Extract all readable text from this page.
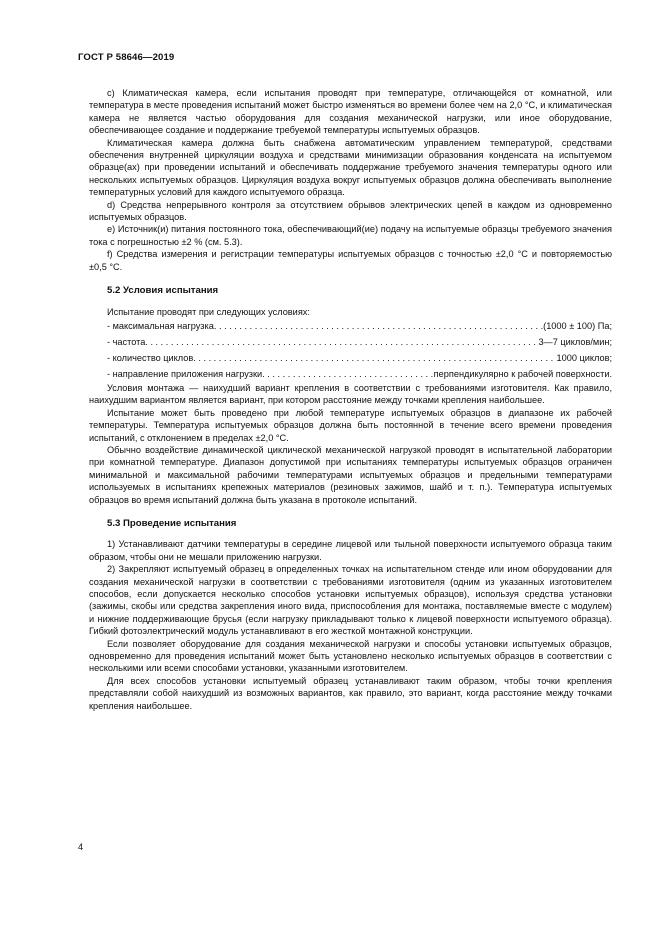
ГОСТ Р 58646—2019

c) Климатическая камера, если испытания проводят при температуре, отличающейся от комнатной, или температура в месте проведения испытаний может быстро изменяться во времени более чем на 2,0 °С, и климатическая камера не является частью оборудования для создания механической нагрузки, или иное оборудование, обеспечивающее создание и поддержание требуемой температуры испытуемых образцов.

Климатическая камера должна быть снабжена автоматическим управлением температурой, средствами обеспечения внутренней циркуляции воздуха и средствами минимизации образования конденсата на испытуемом образце(ах) при проведении испытаний и обеспечивать поддержание требуемого значения температуры одного или нескольких испытуемых образцов. Циркуляция воздуха вокруг испытуемых образцов должна обеспечивать выполнение температурных условий для каждого испытуемого образца.

d) Средства непрерывного контроля за отсутствием обрывов электрических цепей в каждом из одновременно испытуемых образцов.

e) Источник(и) питания постоянного тока, обеспечивающий(ие) подачу на испытуемые образцы требуемого значения тока с погрешностью ±2 % (см. 5.3).

f) Средства измерения и регистрации температуры испытуемых образцов с точностью ±2,0 °С и повторяемостью ±0,5 °С.

5.2 Условия испытания

Испытание проводят при следующих условиях:

- максимальная нагрузка . . .	(1000 ± 100) Па;
- частота . . .	3—7 циклов/мин;
- количество циклов . . .	1000 циклов;
- направление приложения нагрузки . . .	перпендикулярно к рабочей поверхности.

Условия монтажа — наихудший вариант крепления в соответствии с требованиями изготовителя. Как правило, наихудшим вариантом является вариант, при котором расстояние между точками крепления наибольшее.

Испытание может быть проведено при любой температуре испытуемых образцов в диапазоне их рабочей температуры. Температура испытуемых образцов должна быть постоянной в течение всего времени проведения испытаний, с отклонением в пределах ±2,0 °С.

Обычно воздействие динамической циклической механической нагрузкой проводят в испытательной лаборатории при комнатной температуре. Диапазон допустимой при испытаниях температуры испытуемых образцов ограничен минимальной и максимальной рабочими температурами испытуемых образцов и предельными температурами используемых в испытаниях крепежных материалов (резиновых зажимов, шайб и т. п.). Температура испытуемых образцов во время испытаний должна быть указана в протоколе испытаний.

5.3 Проведение испытания

1) Устанавливают датчики температуры в середине лицевой или тыльной поверхности испытуемого образца таким образом, чтобы они не мешали приложению нагрузки.

2) Закрепляют испытуемый образец в определенных точках на испытательном стенде или ином оборудовании для создания механической нагрузки в соответствии с требованиями изготовителя (одним из указанных изготовителем способов, если допускается несколько способов установки испытуемых образцов), используя средства установки (зажимы, скобы или средства закрепления иного вида, приспособления для монтажа, поставляемые вместе с модулем) и нижние поддерживающие брусья (если нагрузку прикладывают только к лицевой поверхности испытуемого образца). Гибкий фотоэлектрический модуль устанавливают в его жесткой монтажной конструкции.

Если позволяет оборудование для создания механической нагрузки и способы установки испытуемых образцов, одновременно для проведения испытаний может быть установлено несколько испытуемых образцов в соответствии с несколькими или всеми способами установки, указанными изготовителем.

Для всех способов установки испытуемый образец устанавливают таким образом, чтобы точки крепления представляли собой наихудший из возможных вариантов, как правило, это вариант, когда расстояние между точками крепления наибольшее.

4
